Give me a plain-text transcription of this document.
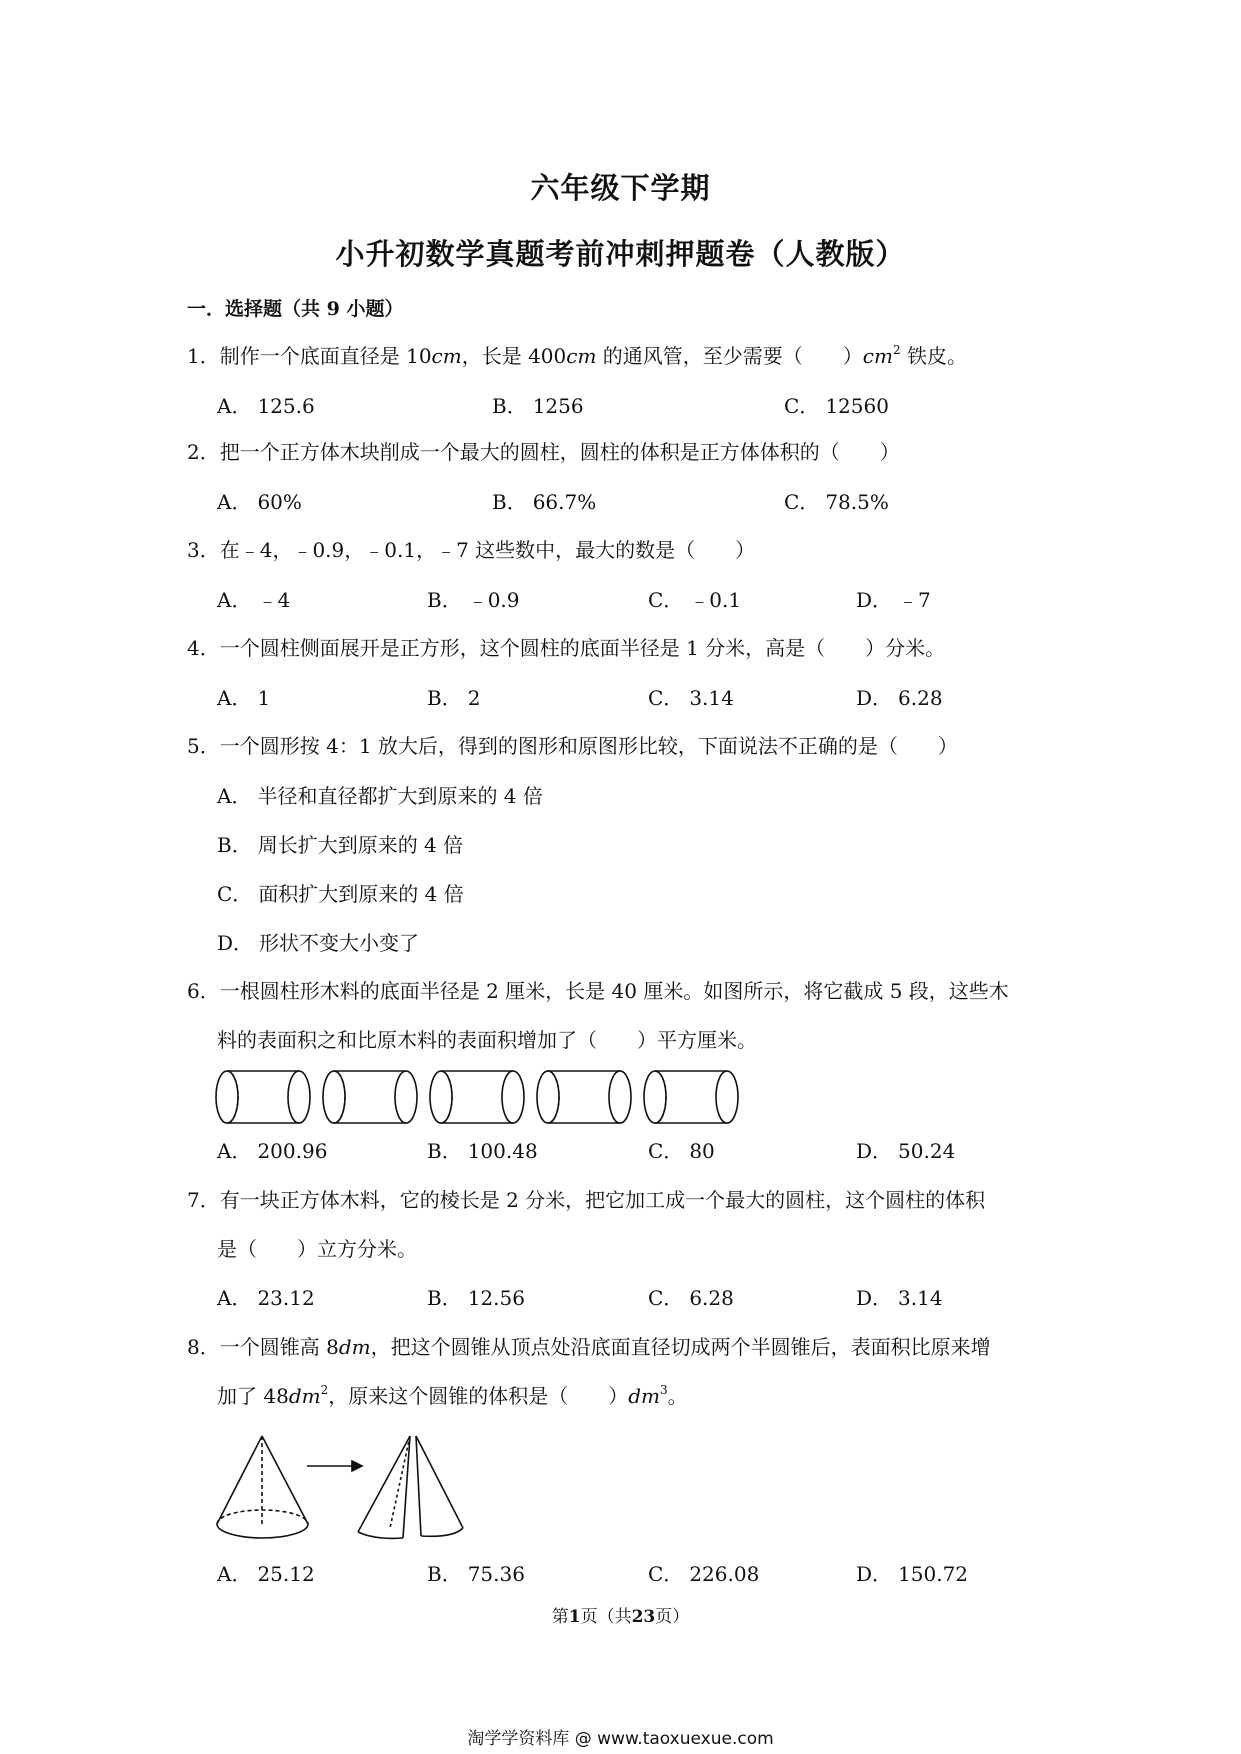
六年级下学期
小升初数学真题考前冲刺押题卷（人教版）
一．选择题（共 9 小题）
1．制作一个底面直径是 10cm，长是 400cm 的通风管，至少需要（　　）$cm^2$ 铁皮。
A． 125.6	B． 1256	C． 12560
2．把一个正方体木块削成一个最大的圆柱，圆柱的体积是正方体体积的（　　）
A． 60%	B． 66.7%	C． 78.5%
3．在﹣4，﹣0.9，﹣0.1，﹣7 这些数中，最大的数是（　　）
A． ﹣4	B． ﹣0.9	C． ﹣0.1	D． ﹣7
4．一个圆柱侧面展开是正方形，这个圆柱的底面半径是 1 分米，高是（　　）分米。
A． 1	B． 2	C． 3.14	D． 6.28
5．一个圆形按 4：1 放大后，得到的图形和原图形比较，下面说法不正确的是（　　）
A． 半径和直径都扩大到原来的 4 倍
B． 周长扩大到原来的 4 倍
C． 面积扩大到原来的 4 倍
D． 形状不变大小变了
6．一根圆柱形木料的底面半径是 2 厘米，长是 40 厘米。如图所示，将它截成 5 段，这些木
料的表面积之和比原木料的表面积增加了（　　）平方厘米。
A． 200.96	B． 100.48	C． 80	D． 50.24
7．有一块正方体木料，它的棱长是 2 分米，把它加工成一个最大的圆柱，这个圆柱的体积
是（　　）立方分米。
A． 23.12	B． 12.56	C． 6.28	D． 3.14
8．一个圆锥高 8dm，把这个圆锥从顶点处沿底面直径切成两个半圆锥后，表面积比原来增
加了 $48dm^2$，原来这个圆锥的体积是（　　）$dm^3$。
A． 25.12	B． 75.36	C． 226.08	D． 150.72
第1页（共23页）
淘学学资料库 @ www.taoxuexue.com
